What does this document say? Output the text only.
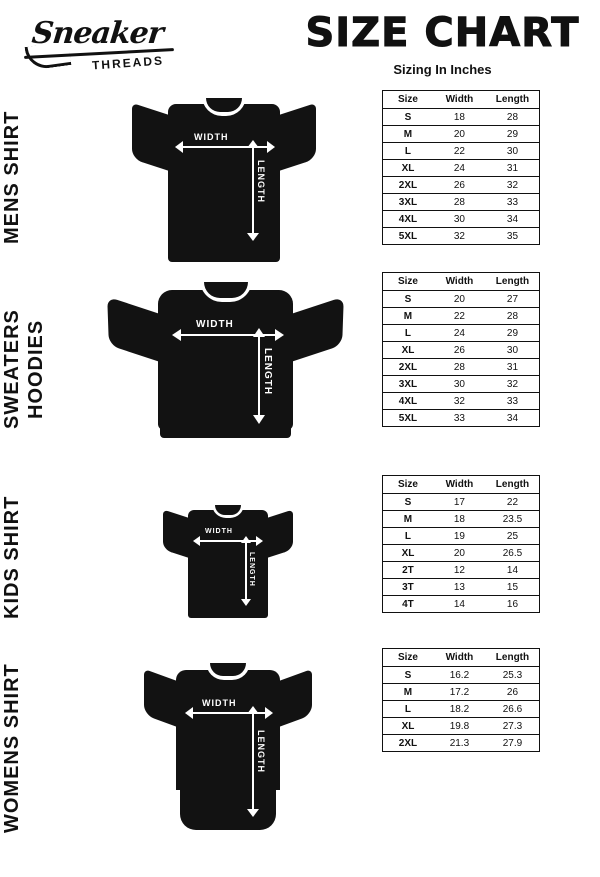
Sneaker
THREADS
SIZE CHART
Sizing In Inches
MENS SHIRT	WIDTH
LENGTH
Size	Width	Length
S	18	28
M	20	29
L	22	30
XL	24	31
2XL	26	32
3XL	28	33
4XL	30	34
5XL	32	35
SWEATERS HOODIES	WIDTH
LENGTH
Size	Width	Length
S	20	27
M	22	28
L	24	29
XL	26	30
2XL	28	31
3XL	30	32
4XL	32	33
5XL	33	34
KIDS SHIRT	WIDTH
LENGTH
Size	Width	Length
S	17	22
M	18	23.5
L	19	25
XL	20	26.5
2T	12	14
3T	13	15
4T	14	16
WOMENS SHIRT	WIDTH
LENGTH
Size	Width	Length
S	16.2	25.3
M	17.2	26
L	18.2	26.6
XL	19.8	27.3
2XL	21.3	27.9
